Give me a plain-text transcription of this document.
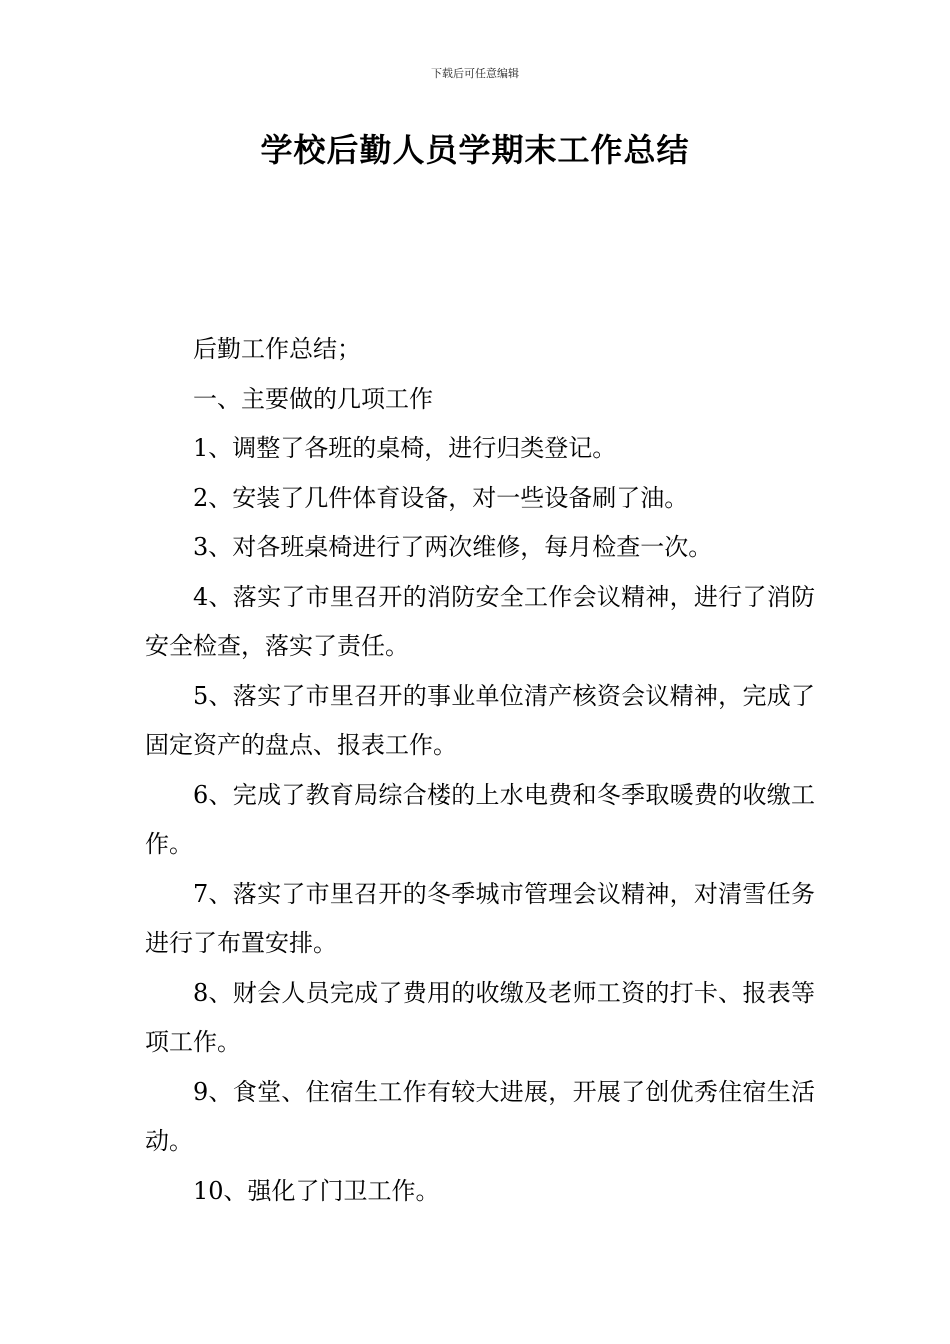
下载后可任意编辑
学校后勤人员学期末工作总结

后勤工作总结；

一、主要做的几项工作

1、调整了各班的桌椅，进行归类登记。

2、安装了几件体育设备，对一些设备刷了油。

3、对各班桌椅进行了两次维修，每月检查一次。

4、落实了市里召开的消防安全工作会议精神，进行了消防安全检查，落实了责任。

5、落实了市里召开的事业单位清产核资会议精神，完成了固定资产的盘点、报表工作。

6、完成了教育局综合楼的上水电费和冬季取暖费的收缴工作。

7、落实了市里召开的冬季城市管理会议精神，对清雪任务进行了布置安排。

8、财会人员完成了费用的收缴及老师工资的打卡、报表等项工作。

9、食堂、住宿生工作有较大进展，开展了创优秀住宿生活动。

10、强化了门卫工作。
